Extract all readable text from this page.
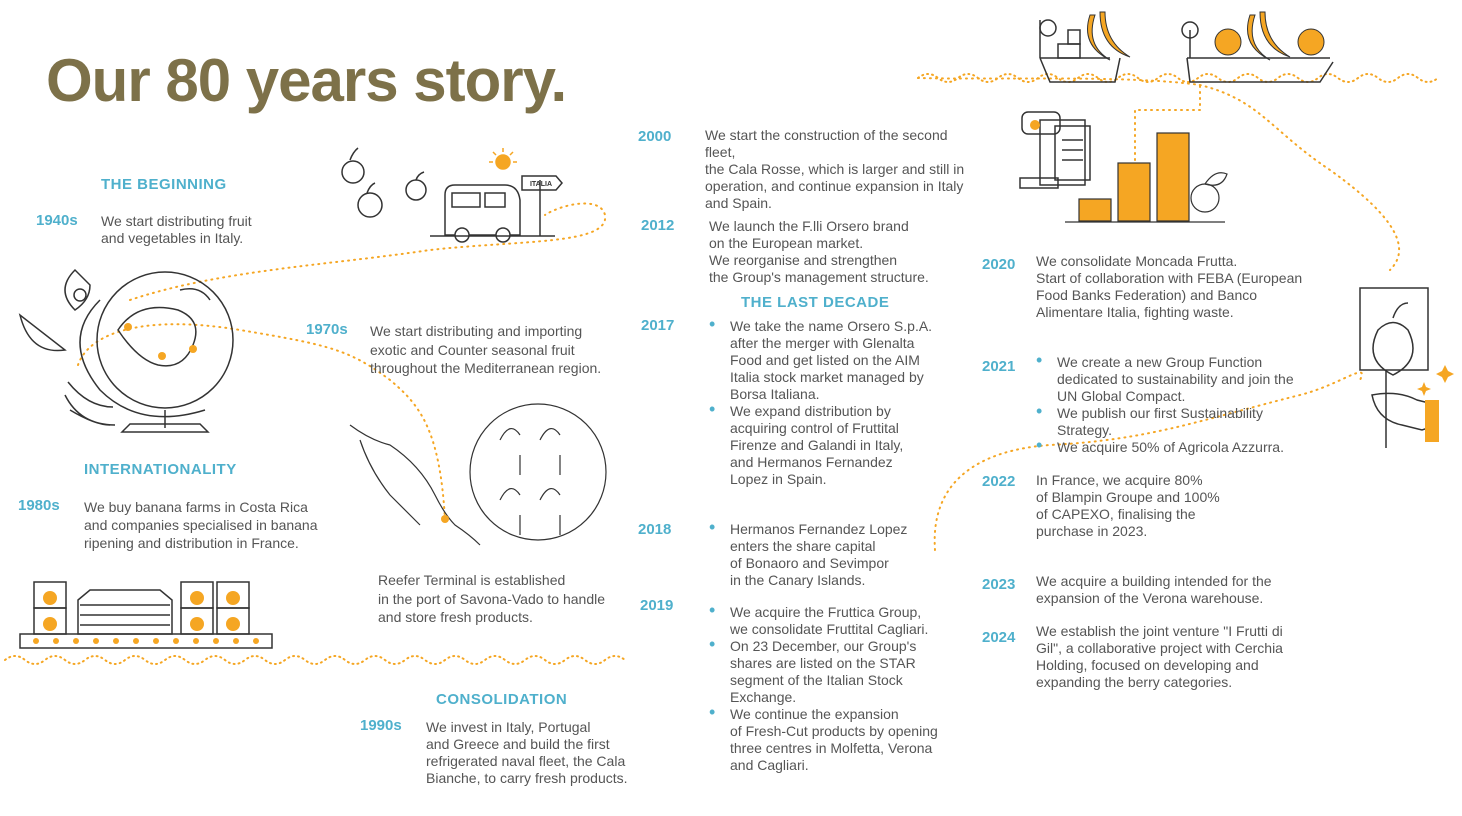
ITALIA
Our 80 years story.
THE BEGINNING
INTERNATIONALITY
CONSOLIDATION
THE LAST DECADE
1940s We start distributing fruit
and vegetables in Italy.
1970s We start distributing and importing
exotic and Counter seasonal fruit
throughout the Mediterranean region.
1980s We buy banana farms in Costa Rica
and companies specialised in banana
ripening and distribution in France.
Reefer Terminal is established
in the port of Savona-Vado to handle
and store fresh products.
1990s We invest in Italy, Portugal
and Greece and build the first
refrigerated naval fleet, the Cala
Bianche, to carry fresh products.
2000 We start the construction of the second
fleet,
the Cala Rosse, which is larger and still in
operation, and continue expansion in Italy
and Spain.
2012 We launch the F.lli Orsero brand
on the European market.
We reorganise and strengthen
the Group's management structure.
2017	• We take the name Orsero S.p.A.
after the merger with Glenalta
Food and get listed on the AIM
Italia stock market managed by
Borsa Italiana.
• We expand distribution by
acquiring control of Fruttital
Firenze and Galandi in Italy,
and Hermanos Fernandez
Lopez in Spain.
2018	• Hermanos Fernandez Lopez
enters the share capital
of Bonaoro and Sevimpor
in the Canary Islands.
2019	• We acquire the Fruttica Group,
we consolidate Fruttital Cagliari.
• On 23 December, our Group's
shares are listed on the STAR
segment of the Italian Stock
Exchange.
• We continue the expansion
of Fresh-Cut products by opening
three centres in Molfetta, Verona
and Cagliari.
2020 We consolidate Moncada Frutta.
Start of collaboration with FEBA (European
Food Banks Federation) and Banco
Alimentare Italia, fighting waste.
2021	• We create a new Group Function
dedicated to sustainability and join the
UN Global Compact.
• We publish our first Sustainability
Strategy.
• We acquire 50% of Agricola Azzurra.
2022 In France, we acquire 80%
of Blampin Groupe and 100%
of CAPEXO, finalising the
purchase in 2023.
2023 We acquire a building intended for the
expansion of the Verona warehouse.
2024 We establish the joint venture "I Frutti di
Gil", a collaborative project with Cerchia
Holding, focused on developing and
expanding the berry categories.
